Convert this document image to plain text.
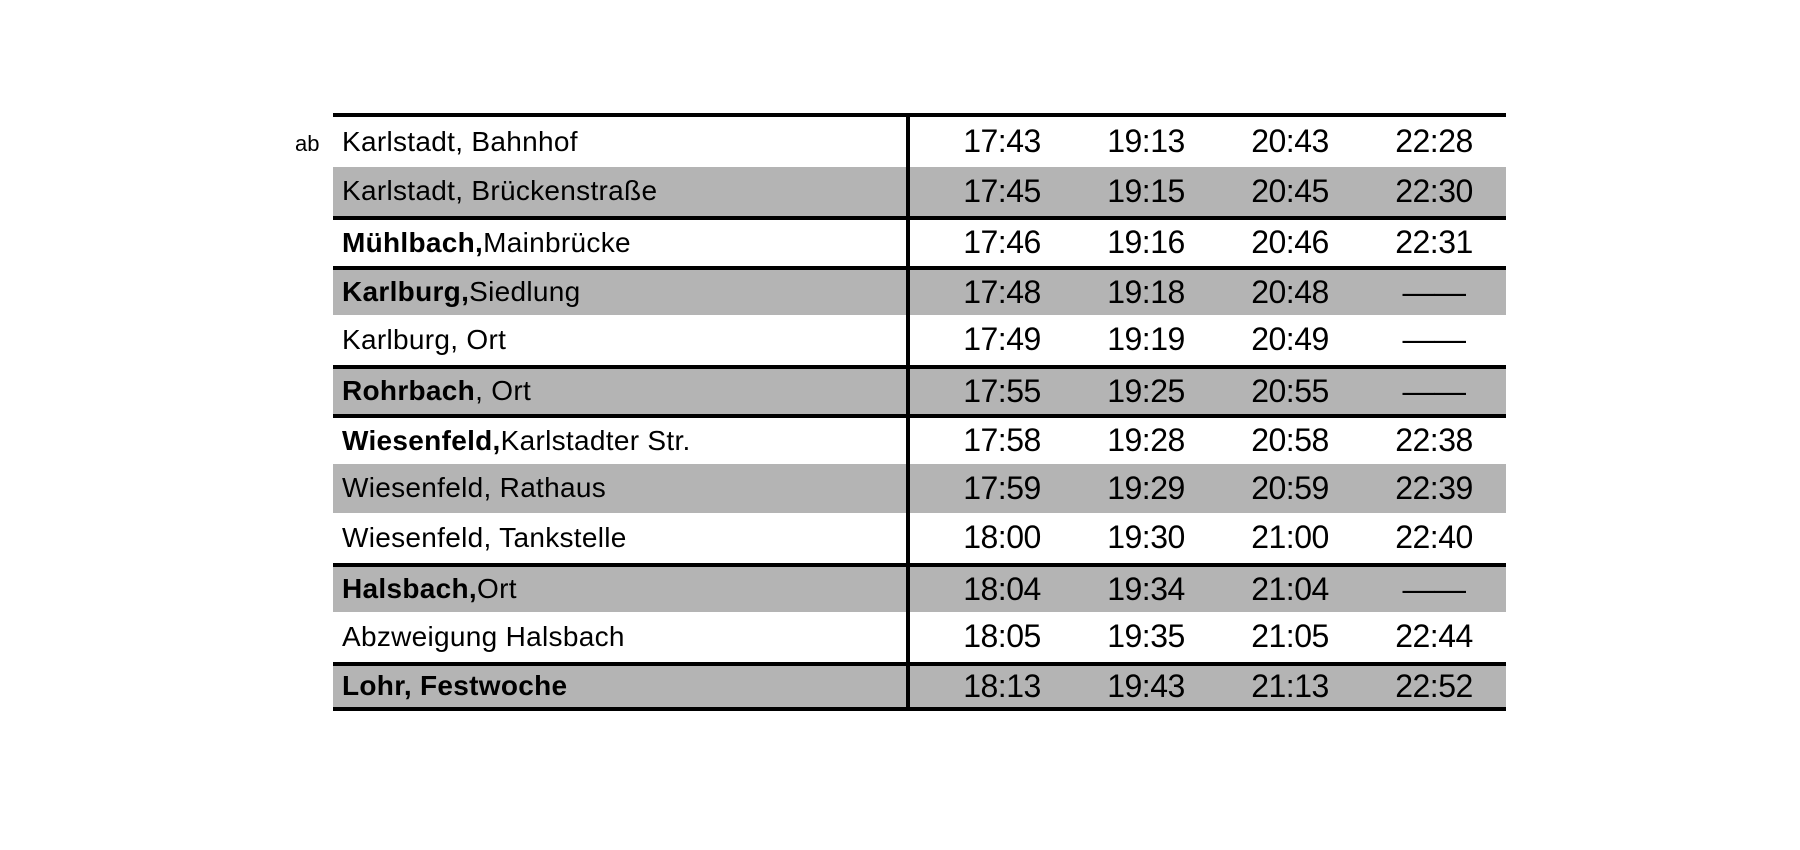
ab Karlstadt, Bahnhof	17:43	19:13	20:43	22:28
Karlstadt, Brückenstraße	17:45	19:15	20:45	22:30
Mühlbach, Mainbrücke	17:46	19:16	20:46	22:31
Karlburg, Siedlung	17:48	19:18	20:48	——
Karlburg, Ort	17:49	19:19	20:49	——
Rohrbach , Ort	17:55	19:25	20:55	——
Wiesenfeld, Karlstadter Str.	17:58	19:28	20:58	22:38
Wiesenfeld, Rathaus	17:59	19:29	20:59	22:39
Wiesenfeld, Tankstelle	18:00	19:30	21:00	22:40
Halsbach, Ort	18:04	19:34	21:04	——
Abzweigung Halsbach	18:05	19:35	21:05	22:44
Lohr, Festwoche	18:13	19:43	21:13	22:52
